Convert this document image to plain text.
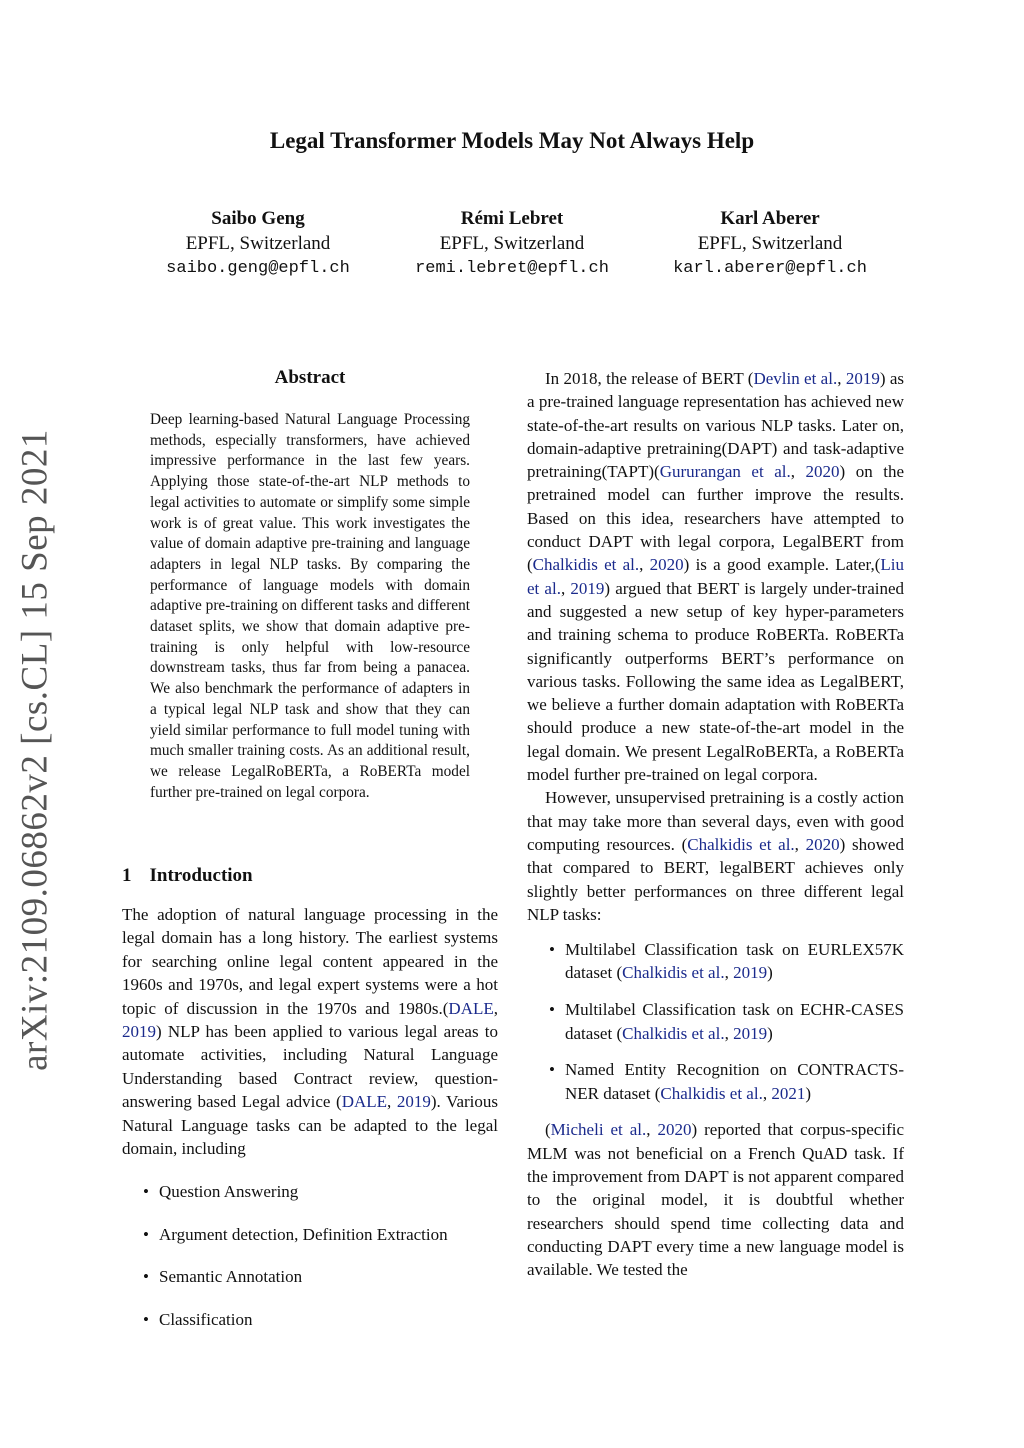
arXiv:2109.06862v2 [cs.CL] 15 Sep 2021
Legal Transformer Models May Not Always Help
Saibo Geng
EPFL, Switzerland
saibo.geng@epfl.ch
Rémi Lebret
EPFL, Switzerland
remi.lebret@epfl.ch
Karl Aberer
EPFL, Switzerland
karl.aberer@epfl.ch
Abstract

Deep learning-based Natural Language Processing methods, especially transformers, have achieved impressive performance in the last few years. Applying those state-of-the-art NLP methods to legal activities to automate or simplify some simple work is of great value. This work investigates the value of domain adaptive pre-training and language adapters in legal NLP tasks. By comparing the performance of language models with domain adaptive pre-training on different tasks and different dataset splits, we show that domain adaptive pre-training is only helpful with low-resource downstream tasks, thus far from being a panacea. We also benchmark the performance of adapters in a typical legal NLP task and show that they can yield similar performance to full model tuning with much smaller training costs. As an additional result, we release LegalRoBERTa, a RoBERTa model further pre-trained on legal corpora.

1 Introduction

The adoption of natural language processing in the legal domain has a long history. The earliest systems for searching online legal content appeared in the 1960s and 1970s, and legal expert systems were a hot topic of discussion in the 1970s and 1980s.(DALE, 2019) NLP has been applied to various legal areas to automate activities, including Natural Language Understanding based Contract review, question-answering based Legal advice (DALE, 2019). Various Natural Language tasks can be adapted to the legal domain, including

• Question Answering
• Argument detection, Definition Extraction
• Semantic Annotation
• Classification

In 2018, the release of BERT (Devlin et al., 2019) as a pre-trained language representation has achieved new state-of-the-art results on various NLP tasks. Later on, domain-adaptive pretraining(DAPT) and task-adaptive pretraining(TAPT)(Gururangan et al., 2020) on the pretrained model can further improve the results. Based on this idea, researchers have attempted to conduct DAPT with legal corpora, LegalBERT from (Chalkidis et al., 2020) is a good example. Later,(Liu et al., 2019) argued that BERT is largely under-trained and suggested a new setup of key hyper-parameters and training schema to produce RoBERTa. RoBERTa significantly outperforms BERT’s performance on various tasks. Following the same idea as LegalBERT, we believe a further domain adaptation with RoBERTa should produce a new state-of-the-art model in the legal domain. We present LegalRoBERTa, a RoBERTa model further pre-trained on legal corpora.

However, unsupervised pretraining is a costly action that may take more than several days, even with good computing resources. (Chalkidis et al., 2020) showed that compared to BERT, legalBERT achieves only slightly better performances on three different legal NLP tasks:

• Multilabel Classification task on EURLEX57K dataset (Chalkidis et al., 2019)
• Multilabel Classification task on ECHR-CASES dataset (Chalkidis et al., 2019)
• Named Entity Recognition on CONTRACTS-NER dataset (Chalkidis et al., 2021)

(Micheli et al., 2020) reported that corpus-specific MLM was not beneficial on a French QuAD task. If the improvement from DAPT is not apparent compared to the original model, it is doubtful whether researchers should spend time collecting data and conducting DAPT every time a new language model is available. We tested the
